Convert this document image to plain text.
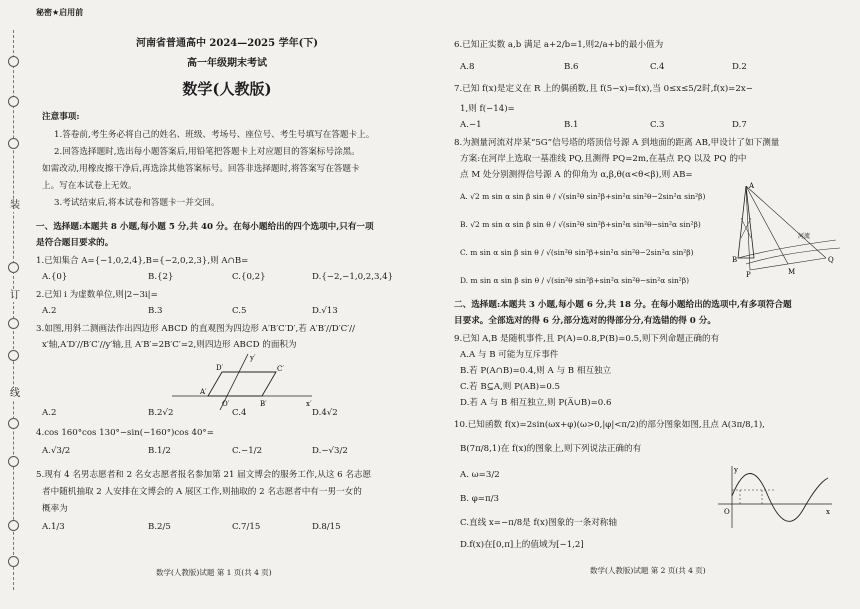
装
订
线
秘密★启用前
河南省普通高中 2024—2025 学年(下)
高一年级期末考试
数学(人教版)
注意事项:
1.答卷前,考生务必将自己的姓名、班级、考场号、座位号、考生号填写在答题卡上。
2.回答选择题时,选出每小题答案后,用铅笔把答题卡上对应题目的答案标号涂黑。
如需改动,用橡皮擦干净后,再选涂其他答案标号。回答非选择题时,将答案写在答题卡
上。写在本试卷上无效。
3.考试结束后,将本试卷和答题卡一并交回。
一、选择题:本题共 8 小题,每小题 5 分,共 40 分。在每小题给出的四个选项中,只有一项
是符合题目要求的。
1.已知集合 A={−1,0,2,4},B={−2,0,2,3},则 A∩B=
A.{0}	B.{2}	C.{0,2}	D.{−2,−1,0,2,3,4}
2.已知 i 为虚数单位,则|2−3i|=
A.2	B.3	C.5	D.√13
3.如图,用斜二测画法作出四边形 ABCD 的直观图为四边形 A′B′C′D′,若 A′B′//D′C′//
x′轴,A′D′//B′C′//y′轴,且 A′B′=2B′C′=2,则四边形 ABCD 的面积为
y′
x′
A′
B′
C′
D′
O′
A.2	B.2√2	C.4	D.4√2
4.cos 160°cos 130°−sin(−160°)cos 40°=
A.√3/2	B.1/2	C.−1/2	D.−√3/2
5.现有 4 名男志愿者和 2 名女志愿者报名参加第 21 届文博会的服务工作,从这 6 名志愿
者中随机抽取 2 人安排在文博会的 A 展区工作,则抽取的 2 名志愿者中有一男一女的
概率为
A.1/3	B.2/5	C.7/15	D.8/15
数学(人教版)试题 第 1 页(共 4 页)
6.已知正实数 a,b 满足 a+2/b=1,则2/a+b的最小值为
A.8	B.6	C.4	D.2
7.已知 f(x)是定义在 R 上的偶函数,且 f(5−x)=f(x),当 0≤x≤5/2时,f(x)=2x−
1,则 f(−14)=
A.−1	B.1	C.3	D.7
8.为测量河流对岸某“5G”信号塔的塔顶信号源 A 到地面的距离 AB,甲设计了如下测量
方案:在河岸上选取一基准线 PQ,且测得 PQ=2m,在基点 P,Q 以及 PQ 的中
点 M 处分别测得信号源 A 的仰角为 α,β,θ(α<θ<β),则 AB=
A. √2 m sin α sin β sin θ / √(sin²θ sin²β+sin²α sin²θ−2sin²α sin²β)
B. √2 m sin α sin β sin θ / √(sin²θ sin²β+sin²α sin²θ−sin²α sin²β)
C. m sin α sin β sin θ / √(sin²θ sin²β+sin²α sin²θ−2sin²α sin²β)
D. m sin α sin β sin θ / √(sin²θ sin²β+sin²α sin²θ−sin²α sin²β)
河流
P	M
Q
B
A
二、选择题:本题共 3 小题,每小题 6 分,共 18 分。在每小题给出的选项中,有多项符合题
目要求。全部选对的得 6 分,部分选对的得部分分,有选错的得 0 分。
9.已知 A,B 是随机事件,且 P(A)=0.8,P(B)=0.5,则下列命题正确的有
A.A 与 B 可能为互斥事件
B.若 P(A∩B)=0.4,则 A 与 B 相互独立
C.若 B⊆A,则 P(AB)=0.5
D.若 A 与 B 相互独立,则 P(A̅∪B)=0.6
10.已知函数 f(x)=2sin(ωx+φ)(ω>0,|φ|<π/2)的部分图象如图,且点 A(3π/8,1),
B(7π/8,1)在 f(x)的图象上,则下列说法正确的有
A. ω=3/2
B. φ=π/3
C.直线 x=−π/8是 f(x)图象的一条对称轴
D.f(x)在[0,π]上的值域为[−1,2]
y
x
O
数学(人教版)试题 第 2 页(共 4 页)
